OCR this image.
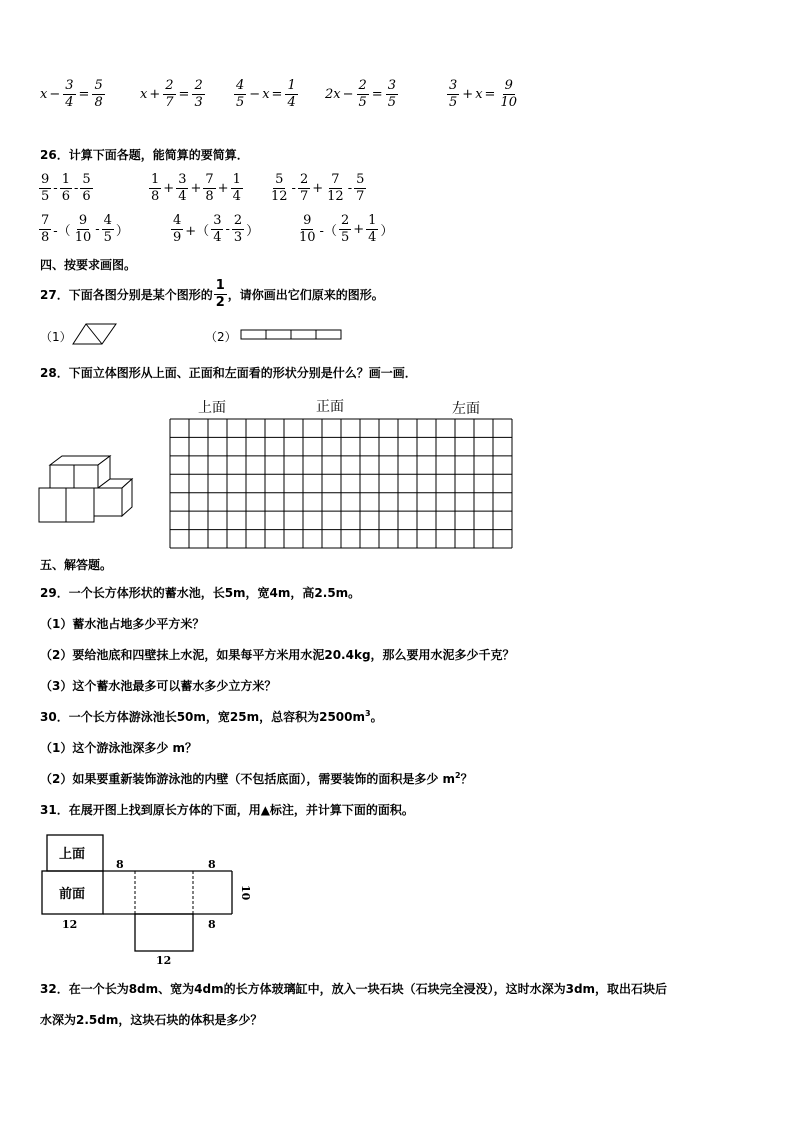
$x - \frac{3}{4} = \frac{5}{8}$	$x + \frac{2}{7} = \frac{2}{3} \frac{4}{5} - x = \frac{1}{4} 2x - \frac{2}{5} = \frac{3}{5}$	$\frac{3}{5} + x = \frac{9}{10}$
26．计算下面各题，能简算的要简算．
$\frac{9}{5} - \frac{1}{6} - \frac{5}{6}$	$\frac{1}{8} + \frac{3}{4} + \frac{7}{8} + \frac{1}{4} \frac{5}{12} - \frac{2}{7} + \frac{7}{12} - \frac{5}{7}$
$\frac{7}{8}$ -（ $\frac{9}{10} - \frac{4}{5}$ ）	$\frac{4}{9}$ +（ $\frac{3}{4} - \frac{2}{3}$ ）	$\frac{9}{10}$ -（ $\frac{2}{5} + \frac{1}{4}$ ）
四、按要求画图。
27．下面各图分别是某个图形的 $\frac{1}{2}$ ，请你画出它们原来的图形。
（1）	（2）
28．下面立体图形从上面、正面和左面看的形状分别是什么？画一画．
上面	正面	左面
五、解答题。
29．一个长方体形状的蓄水池，长5m，宽4m，高2.5m。
（1）蓄水池占地多少平方米？
（2）要给池底和四壁抹上水泥，如果每平方米用水泥20.4kg，那么要用水泥多少千克？
（3）这个蓄水池最多可以蓄水多少立方米？
30．一个长方体游泳池长50m，宽25m，总容积为$2500m^3$。
（1）这个游泳池深多少 m？
（2）如果要重新装饰游泳池的内壁（不包括底面），需要装饰的面积是多少 $m^2$？
31．在展开图上找到原长方体的下面，用▲标注，并计算下面的面积。
上面
前面
8	8
10
12	8
12
32．在一个长为8dm、宽为4dm的长方体玻璃缸中，放入一块石块（石块完全浸没），这时水深为3dm，取出石块后
水深为2.5dm，这块石块的体积是多少？
